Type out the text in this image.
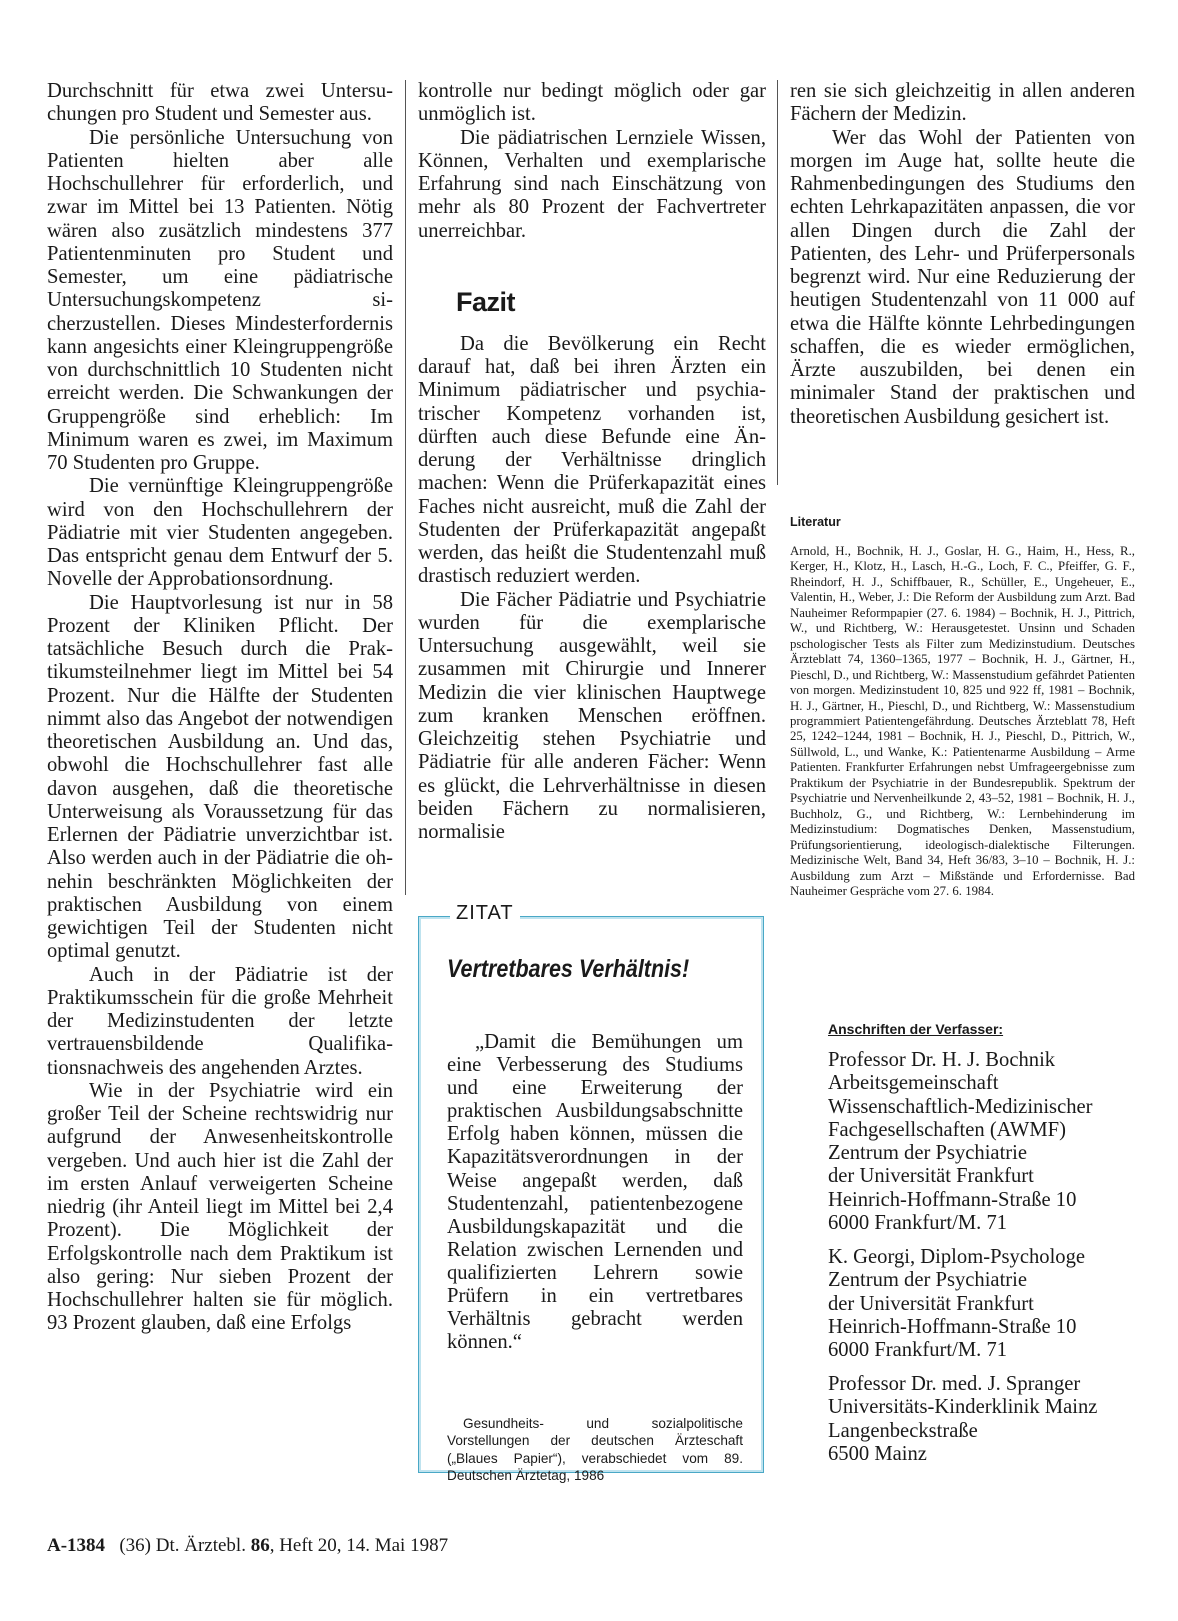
Durchschnitt für etwa zwei Untersuchungen pro Student und Semester aus.

Die persönliche Untersuchung von Patienten hielten aber alle Hochschullehrer für erforderlich, und zwar im Mittel bei 13 Patienten. Nötig wären also zusätzlich mindestens 377 Patientenminuten pro Student und Semester, um eine pädiatrische Untersuchungskompetenz sicherzustellen. Dieses Mindesterfordernis kann angesichts einer Kleingruppengröße von durchschnittlich 10 Studenten nicht erreicht werden. Die Schwankungen der Gruppengröße sind erheblich: Im Minimum waren es zwei, im Maximum 70 Studenten pro Gruppe.

Die vernünftige Kleingruppengröße wird von den Hochschullehrern der Pädiatrie mit vier Studenten angegeben. Das entspricht genau dem Entwurf der 5. Novelle der Approbationsordnung.

Die Hauptvorlesung ist nur in 58 Prozent der Kliniken Pflicht. Der tatsächliche Besuch durch die Praktikumsteilnehmer liegt im Mittel bei 54 Prozent. Nur die Hälfte der Studenten nimmt also das Angebot der notwendigen theoretischen Ausbildung an. Und das, obwohl die Hochschullehrer fast alle davon ausgehen, daß die theoretische Unterweisung als Voraussetzung für das Erlernen der Pädiatrie unverzichtbar ist. Also werden auch in der Pädiatrie die ohnehin beschränkten Möglichkeiten der praktischen Ausbildung von einem gewichtigen Teil der Studenten nicht optimal genutzt.

Auch in der Pädiatrie ist der Praktikumsschein für die große Mehrheit der Medizinstudenten der letzte vertrauensbildende Qualifikationsnachweis des angehenden Arztes.

Wie in der Psychiatrie wird ein großer Teil der Scheine rechtswidrig nur aufgrund der Anwesenheitskontrolle vergeben. Und auch hier ist die Zahl der im ersten Anlauf verweigerten Scheine niedrig (ihr Anteil liegt im Mittel bei 2,4 Prozent). Die Möglichkeit der Erfolgskontrolle nach dem Praktikum ist also gering: Nur sieben Prozent der Hochschullehrer halten sie für möglich. 93 Prozent glauben, daß eine Erfolgs

kontrolle nur bedingt möglich oder gar unmöglich ist.

Die pädiatrischen Lernziele Wissen, Können, Verhalten und exemplarische Erfahrung sind nach Einschätzung von mehr als 80 Prozent der Fachvertreter unerreichbar.

Fazit

Da die Bevölkerung ein Recht darauf hat, daß bei ihren Ärzten ein Minimum pädiatrischer und psychiatrischer Kompetenz vorhanden ist, dürften auch diese Befunde eine Änderung der Verhältnisse dringlich machen: Wenn die Prüferkapazität eines Faches nicht ausreicht, muß die Zahl der Studenten der Prüferkapazität angepaßt werden, das heißt die Studentenzahl muß drastisch reduziert werden.

Die Fächer Pädiatrie und Psychiatrie wurden für die exemplarische Untersuchung ausgewählt, weil sie zusammen mit Chirurgie und Innerer Medizin die vier klinischen Hauptwege zum kranken Menschen eröffnen. Gleichzeitig stehen Psychiatrie und Pädiatrie für alle anderen Fächer: Wenn es glückt, die Lehrverhältnisse in diesen beiden Fächern zu normalisieren, normalisie

ZITAT
Vertretbares Verhältnis!

„Damit die Bemühungen um eine Verbesserung des Studiums und eine Erweiterung der praktischen Ausbildungsabschnitte Erfolg haben können, müssen die Kapazitätsverordnungen in der Weise angepaßt werden, daß Studentenzahl, patientenbezogene Ausbildungskapazität und die Relation zwischen Lernenden und qualifizierten Lehrern sowie Prüfern in ein vertretbares Verhältnis gebracht werden können.“

Gesundheits- und sozialpolitische Vorstellungen der deutschen Ärzteschaft („Blaues Papier“), verabschiedet vom 89. Deutschen Ärztetag, 1986

ren sie sich gleichzeitig in allen anderen Fächern der Medizin.

Wer das Wohl der Patienten von morgen im Auge hat, sollte heute die Rahmenbedingungen des Studiums den echten Lehrkapazitäten anpassen, die vor allen Dingen durch die Zahl der Patienten, des Lehr- und Prüferpersonals begrenzt wird. Nur eine Reduzierung der heutigen Studentenzahl von 11 000 auf etwa die Hälfte könnte Lehrbedingungen schaffen, die es wieder ermöglichen, Ärzte auszubilden, bei denen ein minimaler Stand der praktischen und theoretischen Ausbildung gesichert ist.

Literatur

Arnold, H., Bochnik, H. J., Goslar, H. G., Haim, H., Hess, R., Kerger, H., Klotz, H., Lasch, H.-G., Loch, F. C., Pfeiffer, G. F., Rheindorf, H. J., Schiffbauer, R., Schüller, E., Ungeheuer, E., Valentin, H., Weber, J.: Die Reform der Ausbildung zum Arzt. Bad Nauheimer Reformpapier (27. 6. 1984) – Bochnik, H. J., Pittrich, W., und Richtberg, W.: Herausgetestet. Unsinn und Schaden pschologischer Tests als Filter zum Medizinstudium. Deutsches Ärzteblatt 74, 1360–1365, 1977 – Bochnik, H. J., Gärtner, H., Pieschl, D., und Richtberg, W.: Massenstudium gefährdet Patienten von morgen. Medizinstudent 10, 825 und 922 ff, 1981 – Bochnik, H. J., Gärtner, H., Pieschl, D., und Richtberg, W.: Massenstudium programmiert Patientengefährdung. Deutsches Ärzteblatt 78, Heft 25, 1242–1244, 1981 – Bochnik, H. J., Pieschl, D., Pittrich, W., Süllwold, L., und Wanke, K.: Patientenarme Ausbildung – Arme Patienten. Frankfurter Erfahrungen nebst Umfrageergebnisse zum Praktikum der Psychiatrie in der Bundesrepublik. Spektrum der Psychiatrie und Nervenheilkunde 2, 43–52, 1981 – Bochnik, H. J., Buchholz, G., und Richtberg, W.: Lernbehinderung im Medizinstudium: Dogmatisches Denken, Massenstudium, Prüfungsorientierung, ideologisch-dialektische Filterungen. Medizinische Welt, Band 34, Heft 36/83, 3–10 – Bochnik, H. J.: Ausbildung zum Arzt – Mißstände und Erfordernisse. Bad Nauheimer Gespräche vom 27. 6. 1984.

Anschriften der Verfasser:

Professor Dr. H. J. Bochnik
Arbeitsgemeinschaft
Wissenschaftlich-Medizinischer
Fachgesellschaften (AWMF)
Zentrum der Psychiatrie
der Universität Frankfurt
Heinrich-Hoffmann-Straße 10
6000 Frankfurt/M. 71
K. Georgi, Diplom-Psychologe
Zentrum der Psychiatrie
der Universität Frankfurt
Heinrich-Hoffmann-Straße 10
6000 Frankfurt/M. 71
Professor Dr. med. J. Spranger
Universitäts-Kinderklinik Mainz
Langenbeckstraße
6500 Mainz

A-1384 (36) Dt. Ärztebl. 86, Heft 20, 14. Mai 1987
